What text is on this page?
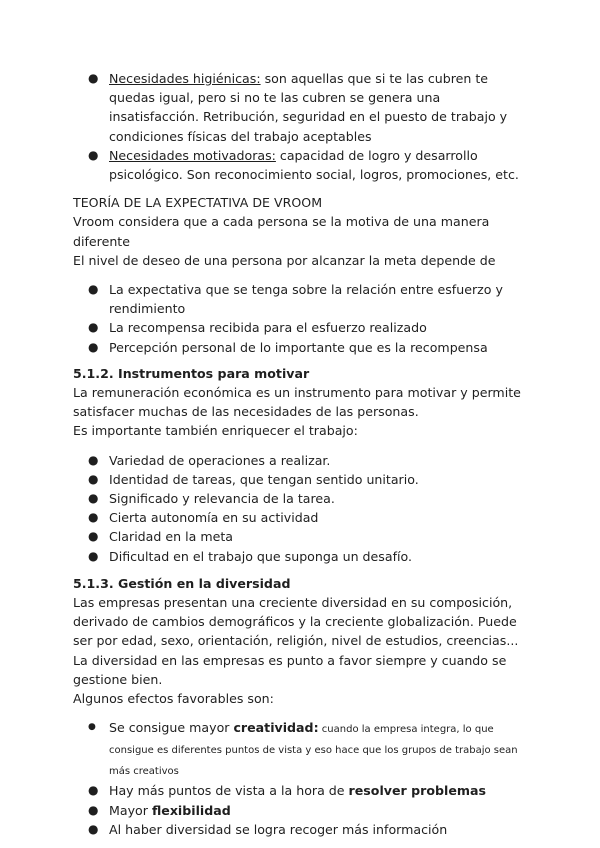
● Necesidades higiénicas: son aquellas que si te las cubren te quedas igual, pero si no te las cubren se genera una insatisfacción. Retribución, seguridad en el puesto de trabajo y condiciones físicas del trabajo aceptables
● Necesidades motivadoras: capacidad de logro y desarrollo psicológico. Son reconocimiento social, logros, promociones, etc.

TEORÍA DE LA EXPECTATIVA DE VROOM

Vroom considera que a cada persona se la motiva de una manera diferente

El nivel de deseo de una persona por alcanzar la meta depende de

● La expectativa que se tenga sobre la relación entre esfuerzo y rendimiento
● La recompensa recibida para el esfuerzo realizado
● Percepción personal de lo importante que es la recompensa

5.1.2. Instrumentos para motivar

La remuneración económica es un instrumento para motivar y permite satisfacer muchas de las necesidades de las personas.

Es importante también enriquecer el trabajo:

● Variedad de operaciones a realizar.
● Identidad de tareas, que tengan sentido unitario.
● Significado y relevancia de la tarea.
● Cierta autonomía en su actividad
● Claridad en la meta
● Dificultad en el trabajo que suponga un desafío.

5.1.3. Gestión en la diversidad

Las empresas presentan una creciente diversidad en su composición, derivado de cambios demográficos y la creciente globalización. Puede ser por edad, sexo, orientación, religión, nivel de estudios, creencias...

La diversidad en las empresas es punto a favor siempre y cuando se gestione bien.

Algunos efectos favorables son:

● Se consigue mayor creatividad: cuando la empresa integra, lo que consigue es diferentes puntos de vista y eso hace que los grupos de trabajo sean más creativos
● Hay más puntos de vista a la hora de resolver problemas
● Mayor flexibilidad
● Al haber diversidad se logra recoger más información
